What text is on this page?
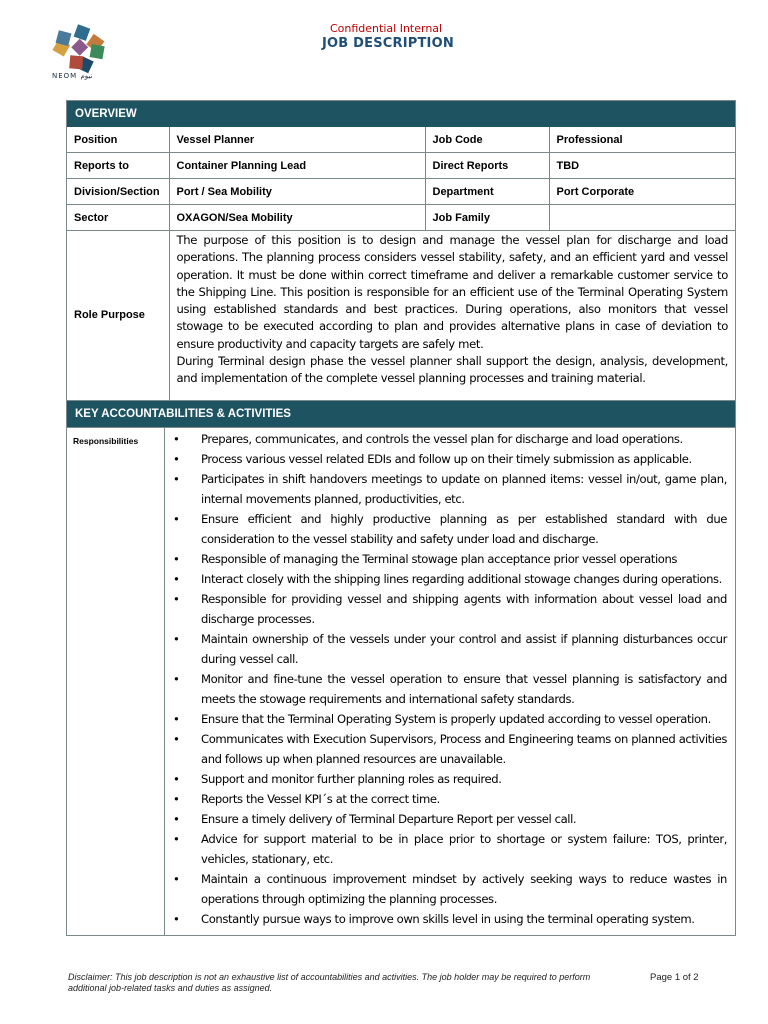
NEOM نيوم
Confidential Internal
JOB DESCRIPTION
OVERVIEW
Position	Vessel Planner	Job Code	Professional
Reports to	Container Planning Lead	Direct Reports	TBD
Division/Section	Port / Sea Mobility	Department	Port Corporate
Sector	OXAGON/Sea Mobility	Job Family	
Role Purpose	The purpose of this position is to design and manage the vessel plan for discharge and load operations. The planning process considers vessel stability, safety, and an efficient yard and vessel operation. It must be done within correct timeframe and deliver a remarkable customer service to the Shipping Line. This position is responsible for an efficient use of the Terminal Operating System using established standards and best practices. During operations, also monitors that vessel stowage to be executed according to plan and provides alternative plans in case of deviation to ensure productivity and capacity targets are safely met.

During Terminal design phase the vessel planner shall support the design, analysis, development, and implementation of the complete vessel planning processes and training material.		

KEY ACCOUNTABILITIES & ACTIVITIES
Responsibilities	• Prepares, communicates, and controls the vessel plan for discharge and load operations.
• Process various vessel related EDIs and follow up on their timely submission as applicable.
• Participates in shift handovers meetings to update on planned items: vessel in/out, game plan, internal movements planned, productivities, etc.
• Ensure efficient and highly productive planning as per established standard with due consideration to the vessel stability and safety under load and discharge.
• Responsible of managing the Terminal stowage plan acceptance prior vessel operations
• Interact closely with the shipping lines regarding additional stowage changes during operations.
• Responsible for providing vessel and shipping agents with information about vessel load and discharge processes.
• Maintain ownership of the vessels under your control and assist if planning disturbances occur during vessel call.
• Monitor and fine-tune the vessel operation to ensure that vessel planning is satisfactory and meets the stowage requirements and international safety standards.
• Ensure that the Terminal Operating System is properly updated according to vessel operation.
• Communicates with Execution Supervisors, Process and Engineering teams on planned activities and follows up when planned resources are unavailable.
• Support and monitor further planning roles as required.
• Reports the Vessel KPI´s at the correct time.
• Ensure a timely delivery of Terminal Departure Report per vessel call.
• Advice for support material to be in place prior to shortage or system failure: TOS, printer, vehicles, stationary, etc.
• Maintain a continuous improvement mindset by actively seeking ways to reduce wastes in operations through optimizing the planning processes.
• Constantly pursue ways to improve own skills level in using the terminal operating system.
Disclaimer: This job description is not an exhaustive list of accountabilities and activities. The job holder may be required to perform additional job-related tasks and duties as assigned.
Page 1 of 2
